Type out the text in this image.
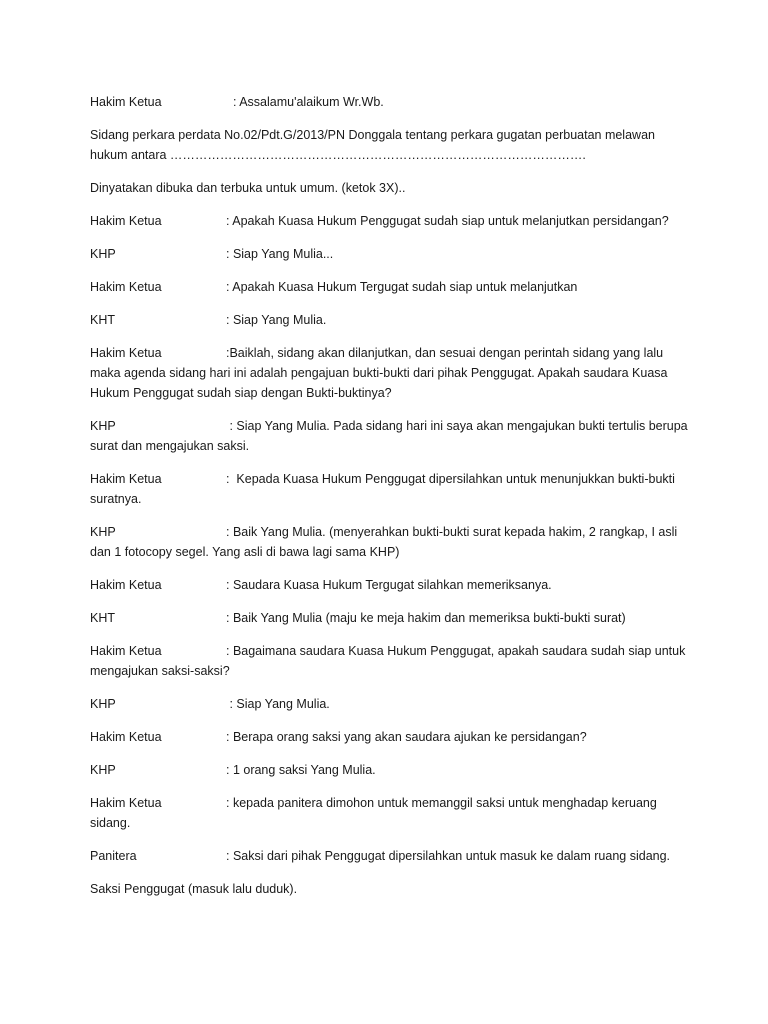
Hakim Ketua	: Assalamu'alaikum Wr.Wb.

Sidang perkara perdata No.02/Pdt.G/2013/PN Donggala tentang perkara gugatan perbuatan melawan hukum antara ……………………………………………………………………………………….

Dinyatakan dibuka dan terbuka untuk umum. (ketok 3X)..

Hakim Ketua	: Apakah Kuasa Hukum Penggugat sudah siap untuk melanjutkan persidangan?

KHP	: Siap Yang Mulia...

Hakim Ketua	: Apakah Kuasa Hukum Tergugat sudah siap untuk melanjutkan

KHT	: Siap Yang Mulia.

Hakim Ketua	:Baiklah, sidang akan dilanjutkan, dan sesuai dengan perintah sidang yang lalu maka agenda sidang hari ini adalah pengajuan bukti-bukti dari pihak Penggugat. Apakah saudara Kuasa Hukum Penggugat sudah siap dengan Bukti-buktinya?

KHP	: Siap Yang Mulia. Pada sidang hari ini saya akan mengajukan bukti tertulis berupa surat dan mengajukan saksi.

Hakim Ketua	:  Kepada Kuasa Hukum Penggugat dipersilahkan untuk menunjukkan bukti-bukti suratnya.

KHP	: Baik Yang Mulia. (menyerahkan bukti-bukti surat kepada hakim, 2 rangkap, I asli dan 1 fotocopy segel. Yang asli di bawa lagi sama KHP)

Hakim Ketua	: Saudara Kuasa Hukum Tergugat silahkan memeriksanya.

KHT	: Baik Yang Mulia (maju ke meja hakim dan memeriksa bukti-bukti surat)

Hakim Ketua	: Bagaimana saudara Kuasa Hukum Penggugat, apakah saudara sudah siap untuk mengajukan saksi-saksi?

KHP	: Siap Yang Mulia.

Hakim Ketua	: Berapa orang saksi yang akan saudara ajukan ke persidangan?

KHP	: 1 orang saksi Yang Mulia.

Hakim Ketua	: kepada panitera dimohon untuk memanggil saksi untuk menghadap keruang sidang.

Panitera	: Saksi dari pihak Penggugat dipersilahkan untuk masuk ke dalam ruang sidang.

Saksi Penggugat (masuk lalu duduk).
